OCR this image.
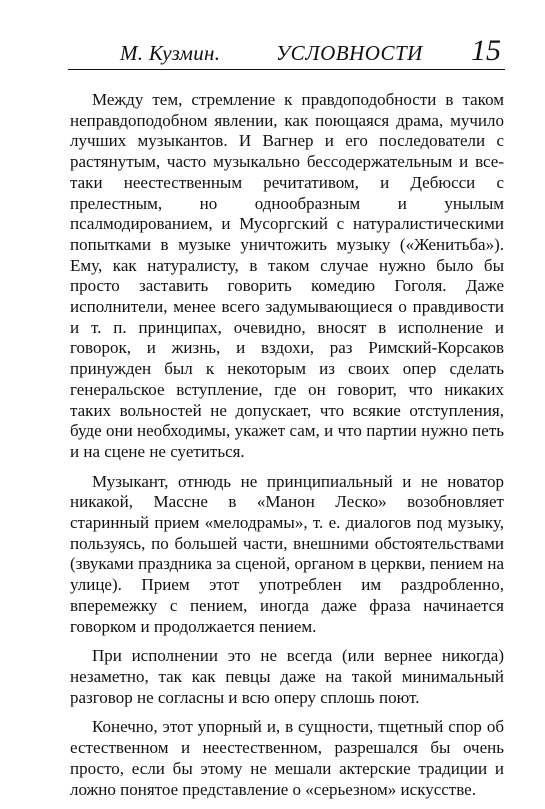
М. Кузмин.	УСЛОВНОСТИ 15

Между тем, стремление к правдоподобности в таком неправдоподобном явлении, как поющаяся драма, мучило лучших музыкантов. И Вагнер и его последователи с растянутым, часто музыкально бессодержательным и все-таки неестественным речитативом, и Дебюсси с прелестным, но однообразным и унылым псалмодированием, и Мусоргский с натуралистическими попытками в музыке уничтожить музыку («Женитьба»). Ему, как натуралисту, в таком случае нужно было бы просто заставить говорить комедию Гоголя. Даже исполнители, менее всего задумывающиеся о правдивости и т. п. принципах, очевидно, вносят в исполнение и говорок, и жизнь, и вздохи, раз Римский-Корсаков принужден был к некоторым из своих опер сделать генеральское вступление, где он говорит, что никаких таких вольностей не допускает, что всякие отступления, буде они необходимы, укажет сам, и что партии нужно петь и на сцене не суетиться.

Музыкант, отнюдь не принципиальный и не новатор никакой, Массне в «Манон Леско» возобновляет старинный прием «мелодрамы», т. е. диалогов под музыку, пользуясь, по большей части, внешними обстоятельствами (звуками праздника за сценой, органом в церкви, пением на улице). Прием этот употреблен им раздробленно, вперемежку с пением, иногда даже фраза начинается говорком и продолжается пением.

При исполнении это не всегда (или вернее никогда) незаметно, так как певцы даже на такой минимальный разговор не согласны и всю оперу сплошь поют.

Конечно, этот упорный и, в сущности, тщетный спор об естественном и неестественном, разрешался бы очень просто, если бы этому не мешали актерские традиции и ложно понятое представление о «серьезном» искусстве.
